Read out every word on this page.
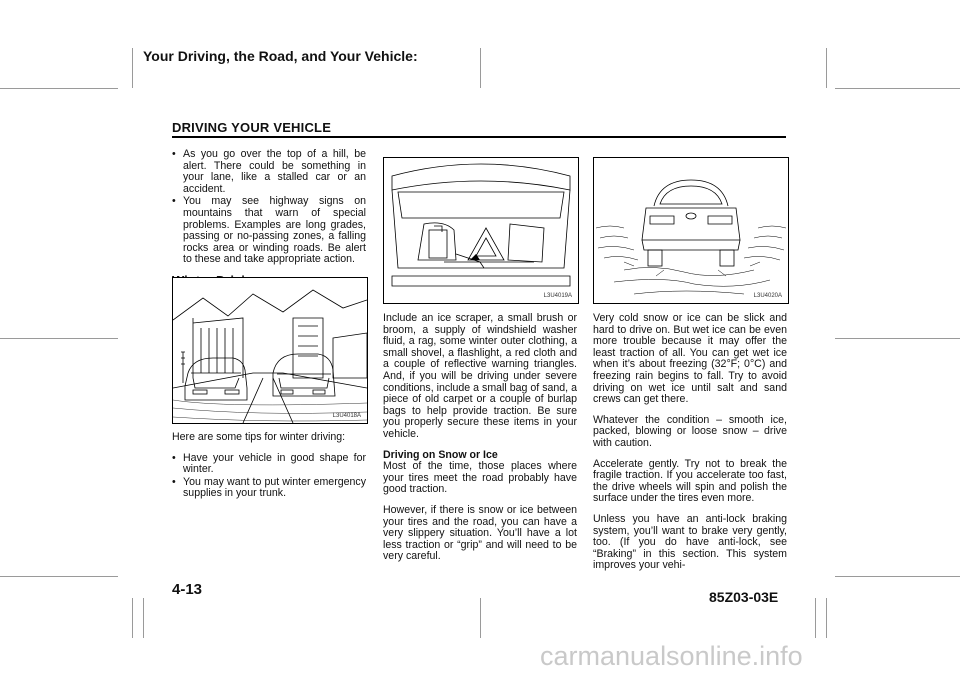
Your Driving, the Road, and Your Vehicle:
DRIVING YOUR VEHICLE
• As you go over the top of a hill, be alert. There could be something in your lane, like a stalled car or an accident.
• You may see highway signs on mountains that warn of special problems. Examples are long grades, passing or no-passing zones, a falling rocks area or winding roads. Be alert to these and take appropriate action.
L3U4018A

Here are some tips for winter driving:

• Have your vehicle in good shape for winter.
• You may want to put winter emergency supplies in your trunk.
L3U4019A

Include an ice scraper, a small brush or broom, a supply of windshield washer fluid, a rag, some winter outer clothing, a small shovel, a flashlight, a red cloth and a couple of reflective warning triangles. And, if you will be driving under severe conditions, include a small bag of sand, a piece of old carpet or a couple of burlap bags to help provide traction. Be sure you properly secure these items in your vehicle.

Driving on Snow or Ice

Most of the time, those places where your tires meet the road probably have good traction.

However, if there is snow or ice between your tires and the road, you can have a very slippery situation. You’ll have a lot less traction or “grip” and will need to be very careful.

L3U4020A

Very cold snow or ice can be slick and hard to drive on. But wet ice can be even more trouble because it may offer the least traction of all. You can get wet ice when it’s about freezing (32°F; 0°C) and freezing rain begins to fall. Try to avoid driving on wet ice until salt and sand crews can get there.

Whatever the condition – smooth ice, packed, blowing or loose snow – drive with caution.

Accelerate gently. Try not to break the fragile traction. If you accelerate too fast, the drive wheels will spin and polish the surface under the tires even more.

Unless you have an anti-lock braking system, you’ll want to brake very gently, too. (If you do have anti-lock, see “Braking” in this section. This system improves your vehi-

4-13	85Z03-03E
carmanualsonline.info
